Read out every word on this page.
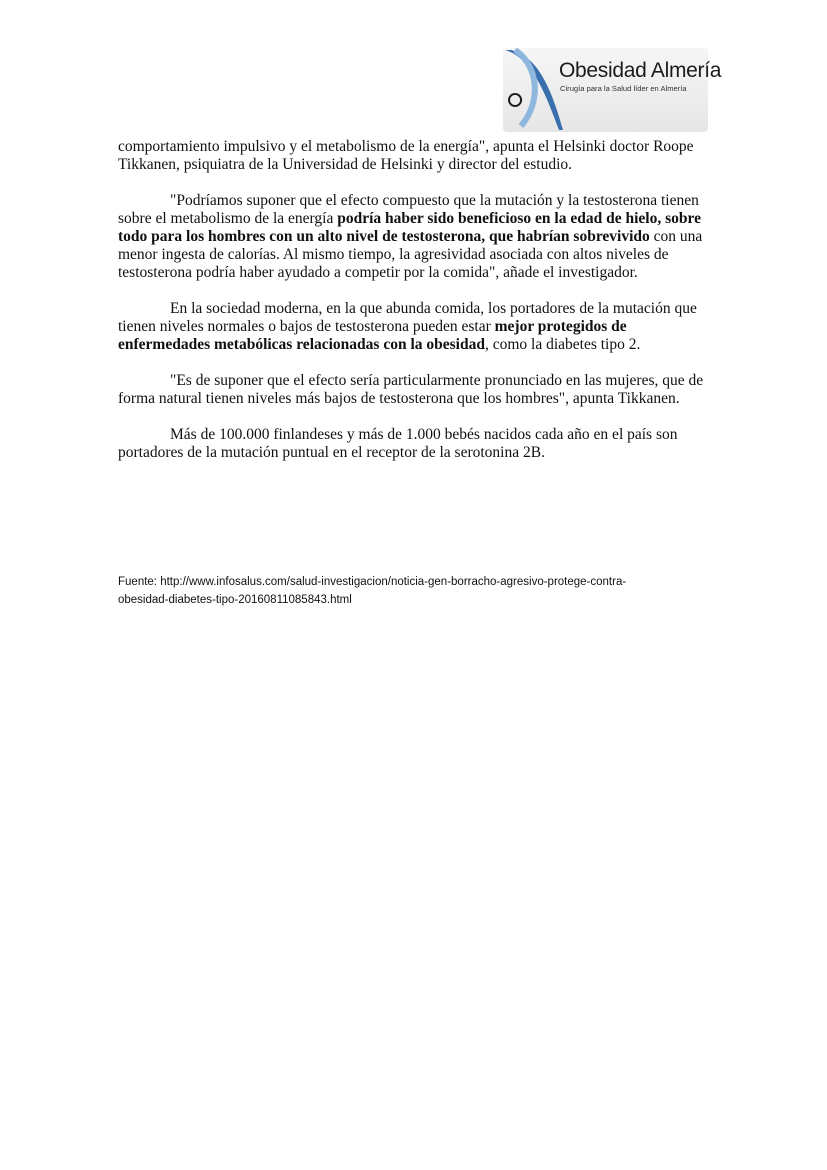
Obesidad Almería
Cirugía para la Salud líder en Almería

comportamiento impulsivo y el metabolismo de la energía", apunta el Helsinki doctor Roope Tikkanen, psiquiatra de la Universidad de Helsinki y director del estudio.

"Podríamos suponer que el efecto compuesto que la mutación y la testosterona tienen sobre el metabolismo de la energía podría haber sido beneficioso en la edad de hielo, sobre todo para los hombres con un alto nivel de testosterona, que habrían sobrevivido con una menor ingesta de calorías. Al mismo tiempo, la agresividad asociada con altos niveles de testosterona podría haber ayudado a competir por la comida", añade el investigador.

En la sociedad moderna, en la que abunda comida, los portadores de la mutación que tienen niveles normales o bajos de testosterona pueden estar mejor protegidos de enfermedades metabólicas relacionadas con la obesidad, como la diabetes tipo 2.

"Es de suponer que el efecto sería particularmente pronunciado en las mujeres, que de forma natural tienen niveles más bajos de testosterona que los hombres", apunta Tikkanen.

Más de 100.000 finlandeses y más de 1.000 bebés nacidos cada año en el país son portadores de la mutación puntual en el receptor de la serotonina 2B.

Fuente: http://www.infosalus.com/salud-investigacion/noticia-gen-borracho-agresivo-protege-contra-
obesidad-diabetes-tipo-20160811085843.html
